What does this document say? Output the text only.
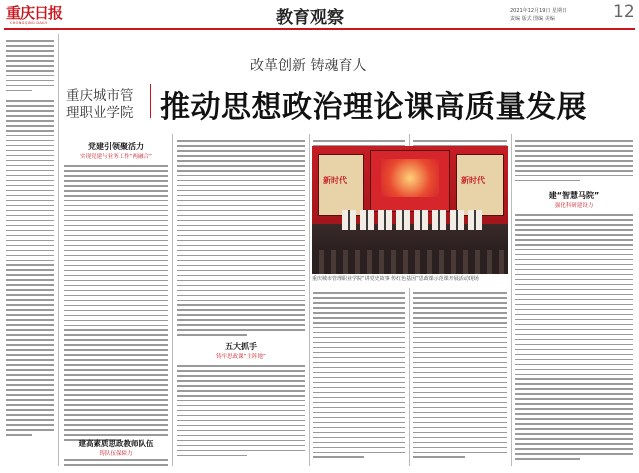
重庆日报
CHONGQING DAILY	教育观察	2021年12月19日 星期日
责编 版式 图编 美编	12
改革创新 铸魂育人
重庆城市管
理职业学院 推动思想政治理论课高质量发展
党建引领聚活力
实现党建与业务工作“两融合”
建高素质思政教师队伍
铸队伍保障力
五大抓手
铸牢思政课“主阵地”
新时代	新时代
重庆城市管理职业学院“讲党史故事 传红色基因”思政课示范课开展活动现场
建“智慧马院”
强化科研建设力
